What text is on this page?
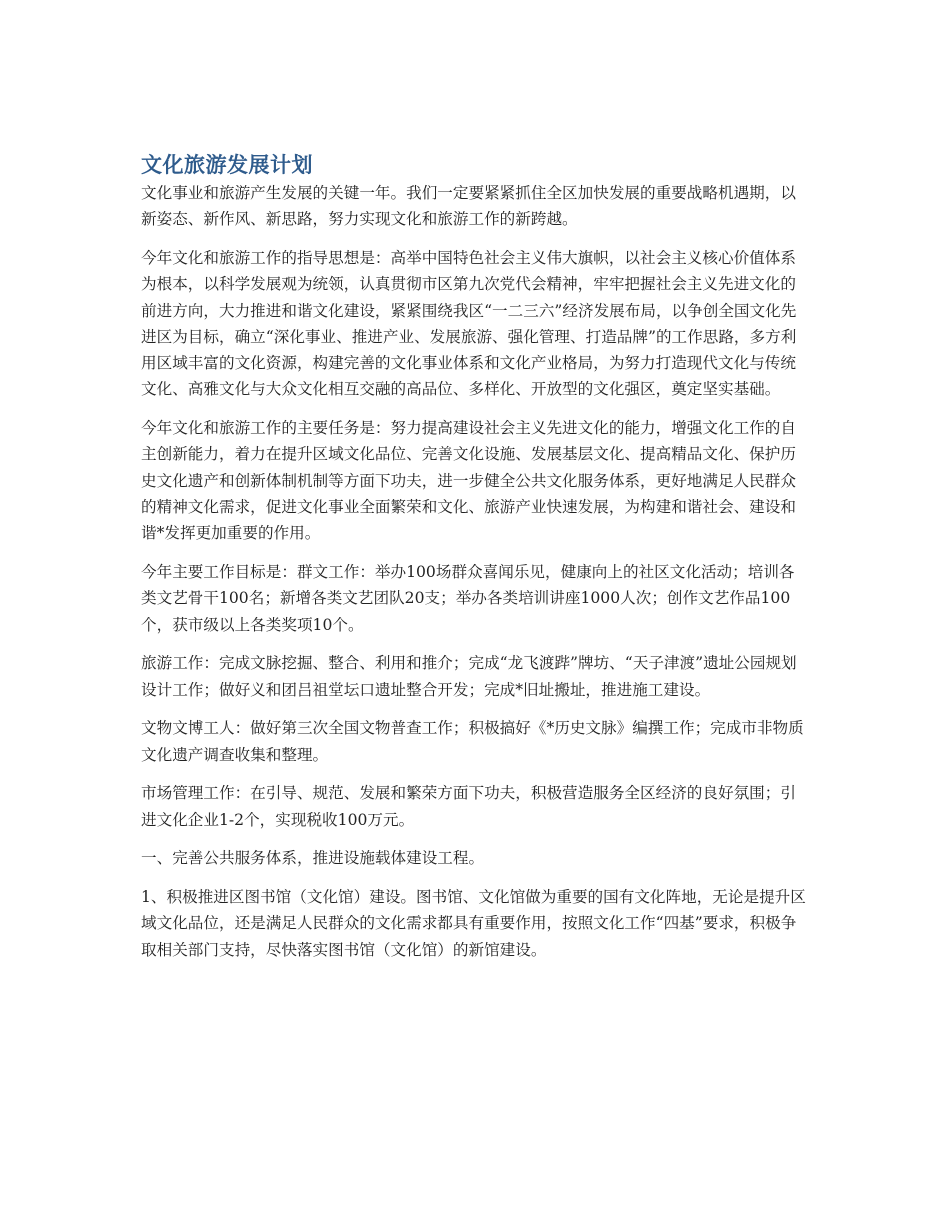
文化旅游发展计划

文化事业和旅游产生发展的关键一年。我们一定要紧紧抓住全区加快发展的重要战略机遇期，以新姿态、新作风、新思路，努力实现文化和旅游工作的新跨越。

今年文化和旅游工作的指导思想是：高举中国特色社会主义伟大旗帜，以社会主义核心价值体系为根本，以科学发展观为统领，认真贯彻市区第九次党代会精神，牢牢把握社会主义先进文化的前进方向，大力推进和谐文化建设，紧紧围绕我区“一二三六”经济发展布局，以争创全国文化先进区为目标，确立“深化事业、推进产业、发展旅游、强化管理、打造品牌”的工作思路，多方利用区域丰富的文化资源，构建完善的文化事业体系和文化产业格局，为努力打造现代文化与传统文化、高雅文化与大众文化相互交融的高品位、多样化、开放型的文化强区，奠定坚实基础。

今年文化和旅游工作的主要任务是：努力提高建设社会主义先进文化的能力，增强文化工作的自主创新能力，着力在提升区域文化品位、完善文化设施、发展基层文化、提高精品文化、保护历史文化遗产和创新体制机制等方面下功夫，进一步健全公共文化服务体系，更好地满足人民群众的精神文化需求，促进文化事业全面繁荣和文化、旅游产业快速发展，为构建和谐社会、建设和谐*发挥更加重要的作用。

今年主要工作目标是：群文工作：举办100场群众喜闻乐见，健康向上的社区文化活动；培训各类文艺骨干100名；新增各类文艺团队20支；举办各类培训讲座1000人次；创作文艺作品100个，获市级以上各类奖项10个。

旅游工作：完成文脉挖掘、整合、利用和推介；完成“龙飞渡跸”牌坊、“天子津渡”遗址公园规划设计工作；做好义和团吕祖堂坛口遗址整合开发；完成*旧址搬址，推进施工建设。

文物文博工人：做好第三次全国文物普查工作；积极搞好《*历史文脉》编撰工作；完成市非物质文化遗产调查收集和整理。

市场管理工作：在引导、规范、发展和繁荣方面下功夫，积极营造服务全区经济的良好氛围；引进文化企业1-2个，实现税收100万元。

一、完善公共服务体系，推进设施载体建设工程。

1、积极推进区图书馆（文化馆）建设。图书馆、文化馆做为重要的国有文化阵地，无论是提升区域文化品位，还是满足人民群众的文化需求都具有重要作用，按照文化工作“四基”要求，积极争取相关部门支持，尽快落实图书馆（文化馆）的新馆建设。
